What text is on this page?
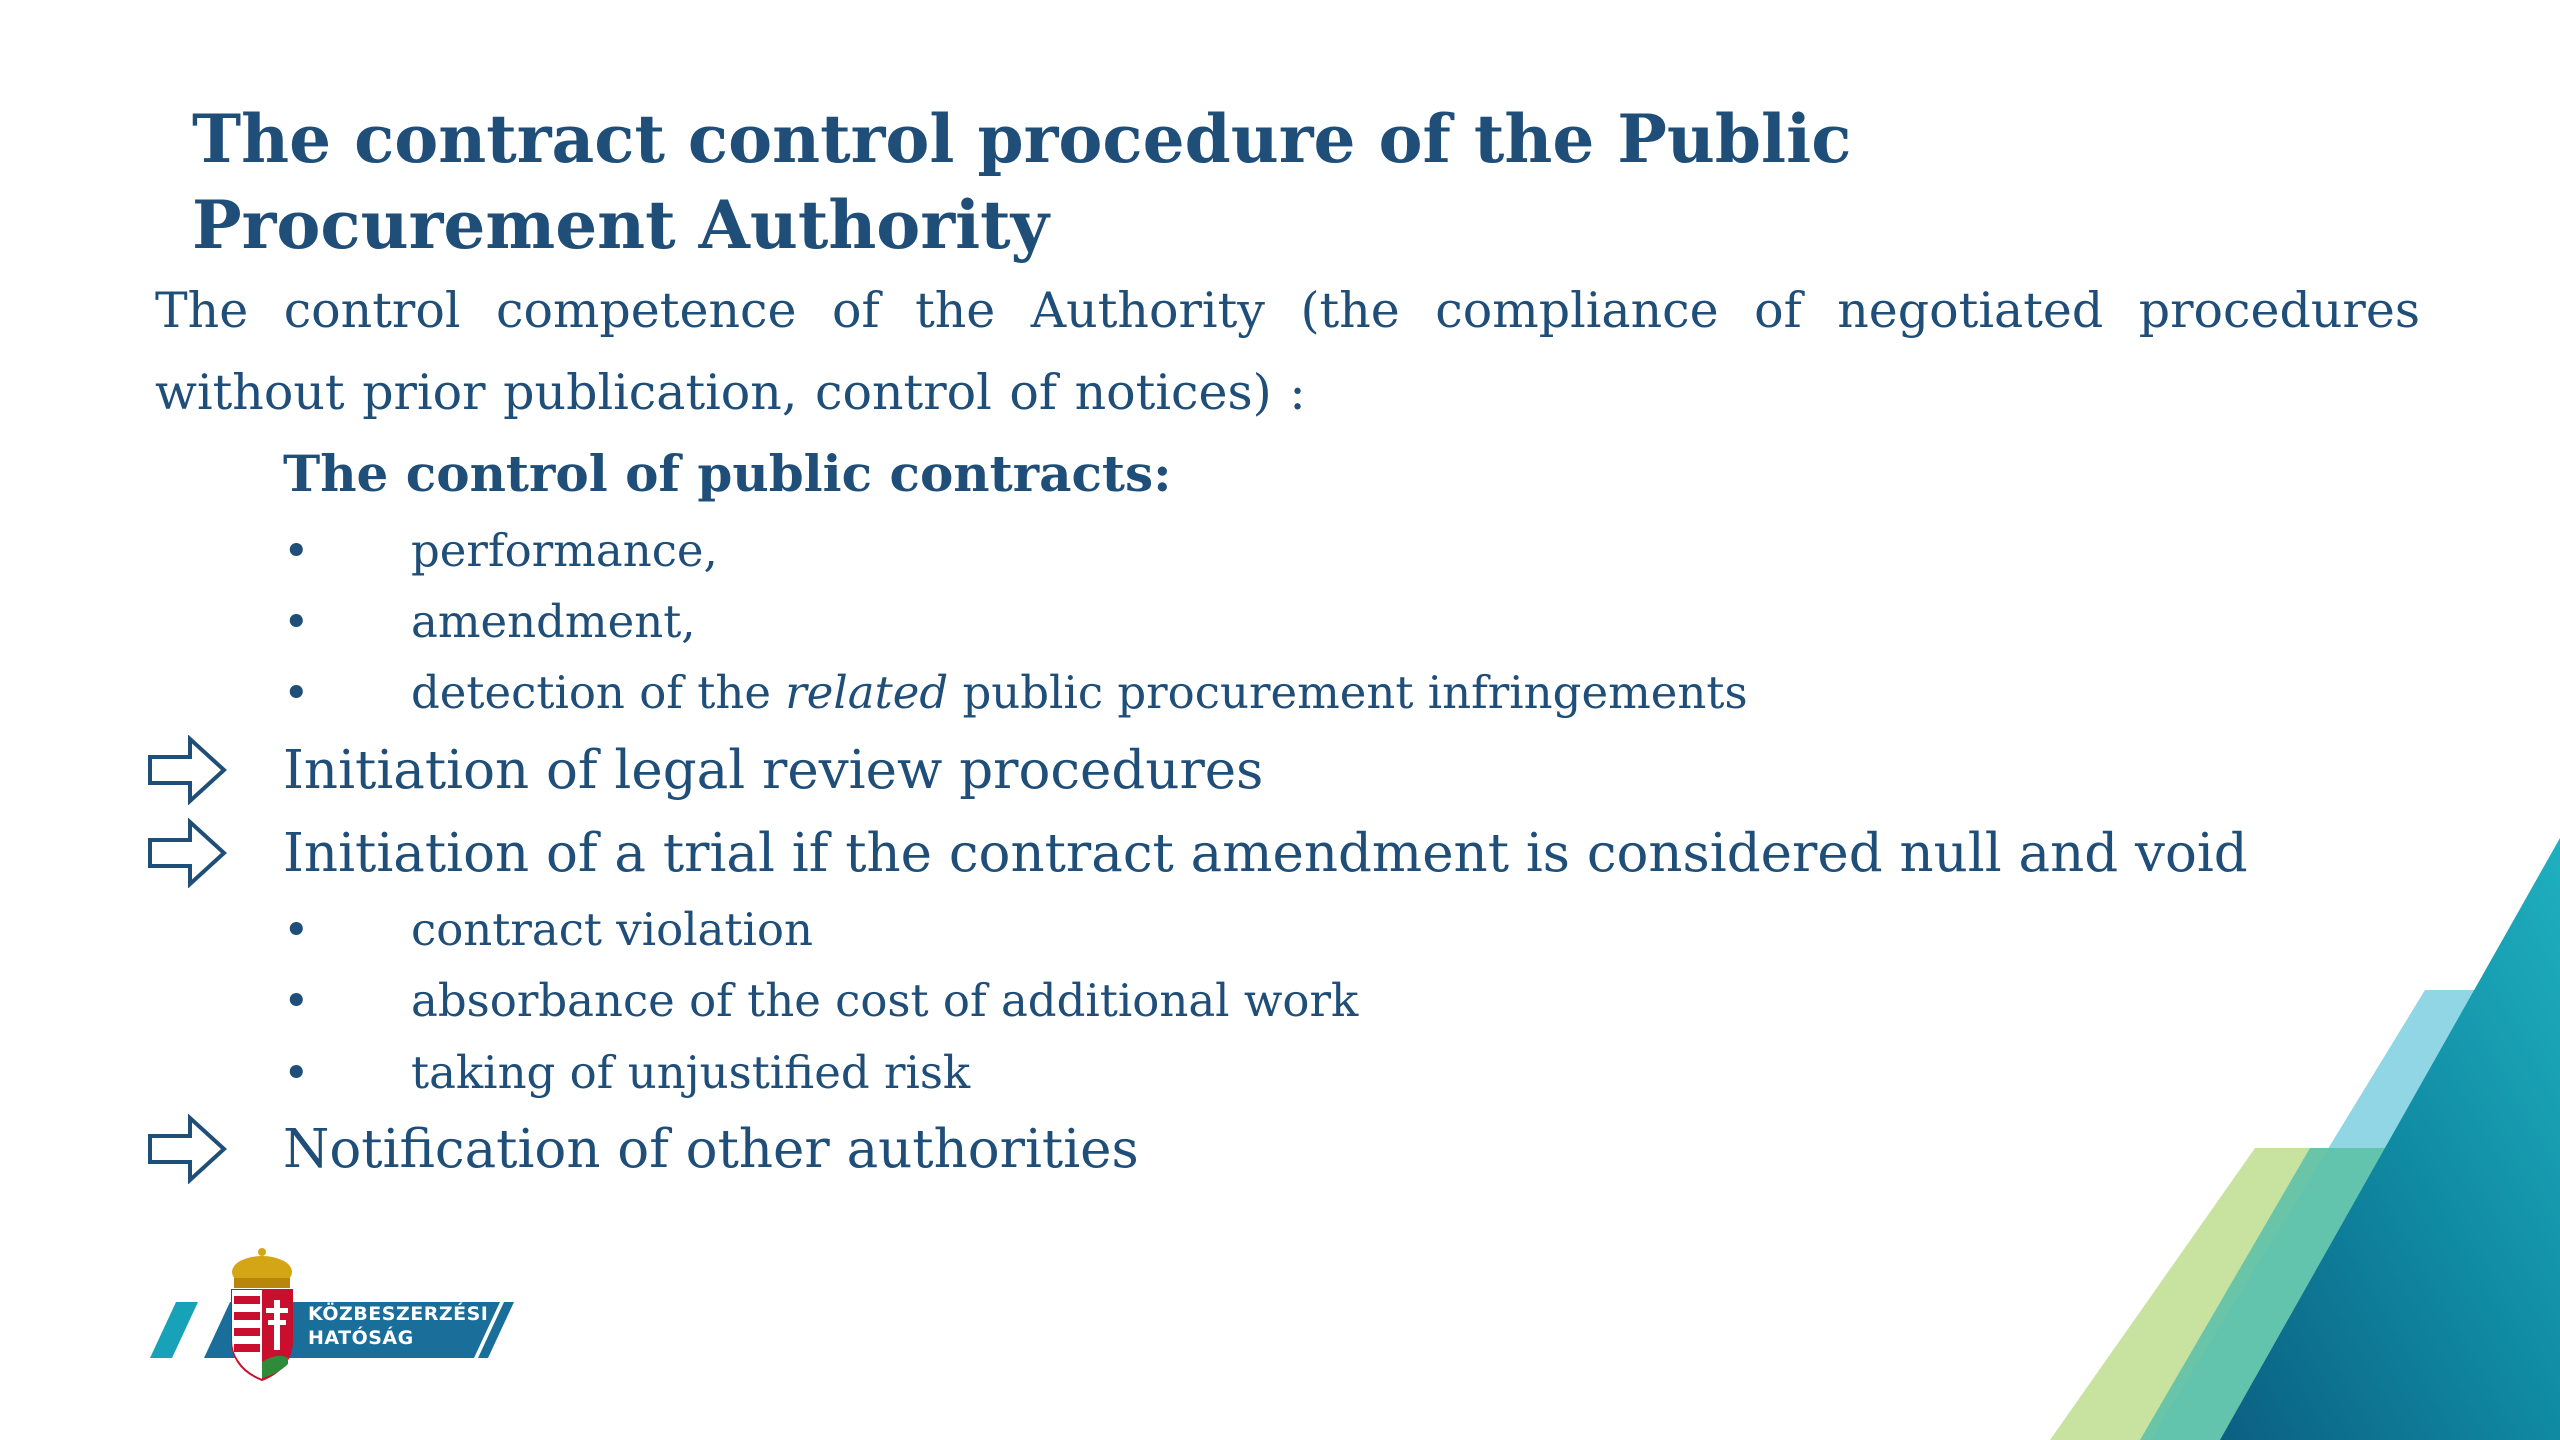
The contract control procedure of the Public Procurement Authority

The control competence of the Authority (the compliance of negotiated procedures without prior publication, control of notices) :

The control of public contracts:

• performance,
• amendment,
• detection of the related public procurement infringements
Initiation of legal review procedures
Initiation of a trial if the contract amendment is considered null and void
• contract violation
• absorbance of the cost of additional work
• taking of unjustified risk
Notification of other authorities
KÖZBESZERZÉSI
HATÓSÁG
